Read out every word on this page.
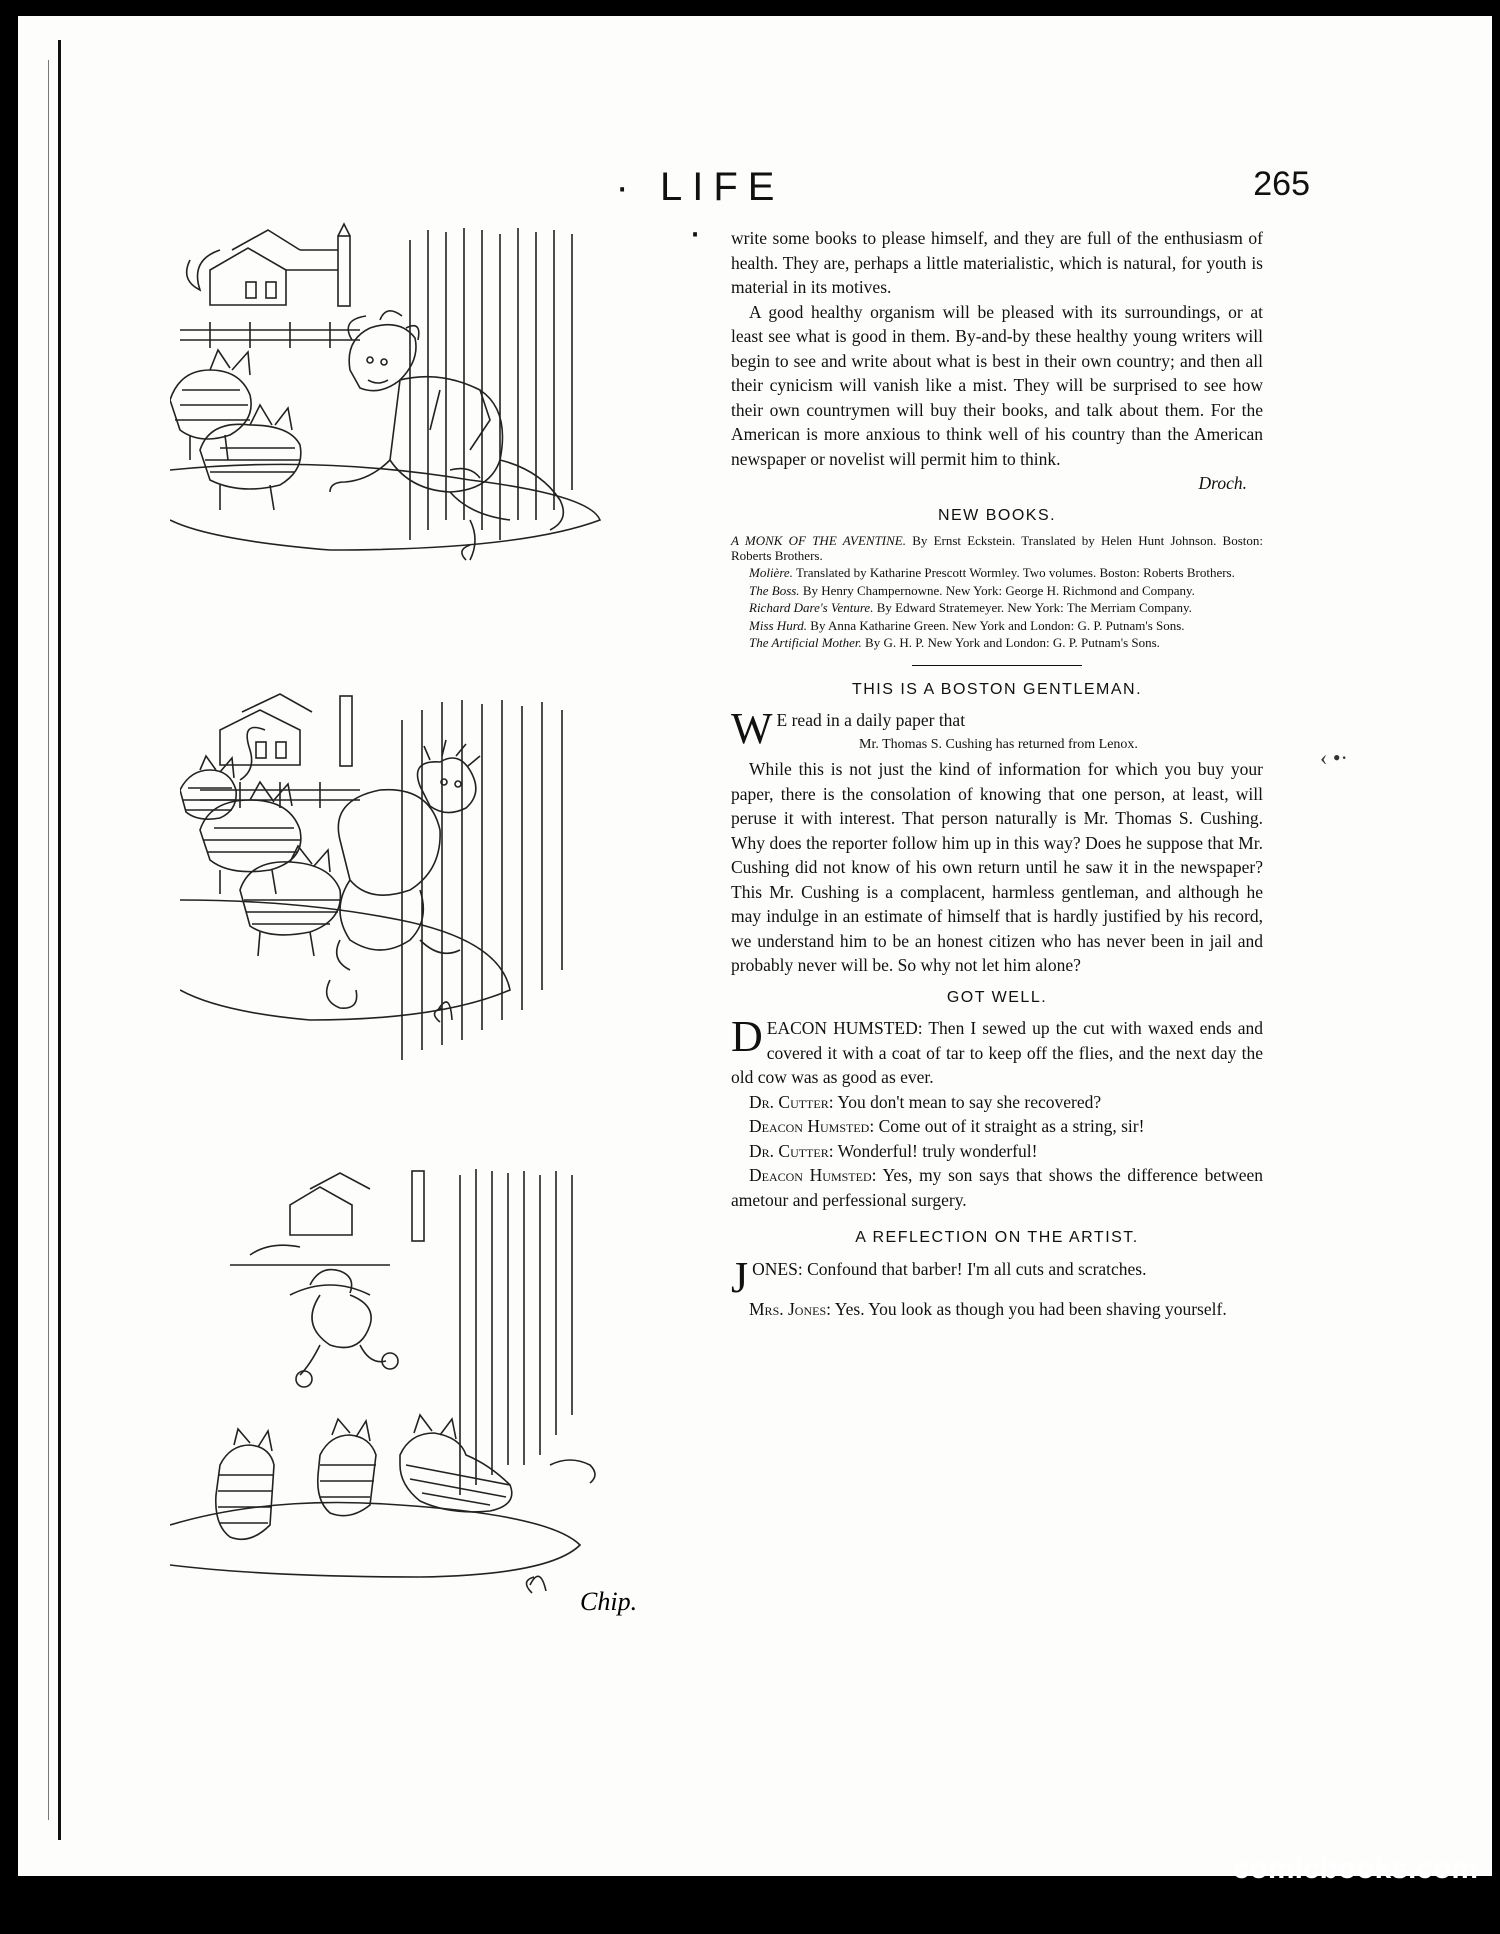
· LIFE ·
265
Chip.

write some books to please himself, and they are full of the enthusiasm of health. They are, perhaps a little materialistic, which is natural, for youth is material in its motives.

A good healthy organism will be pleased with its surroundings, or at least see what is good in them. By-and-by these healthy young writers will begin to see and write about what is best in their own country; and then all their cynicism will vanish like a mist. They will be surprised to see how their own countrymen will buy their books, and talk about them. For the American is more anxious to think well of his country than the American newspaper or novelist will permit him to think.

Droch.
NEW BOOKS.

A MONK OF THE AVENTINE. By Ernst Eckstein. Translated by Helen Hunt Johnson. Boston: Roberts Brothers.

Molière. Translated by Katharine Prescott Wormley. Two volumes. Boston: Roberts Brothers.

The Boss. By Henry Champernowne. New York: George H. Richmond and Company.

Richard Dare's Venture. By Edward Stratemeyer. New York: The Merriam Company.

Miss Hurd. By Anna Katharine Green. New York and London: G. P. Putnam's Sons.

The Artificial Mother. By G. H. P. New York and London: G. P. Putnam's Sons.

THIS IS A BOSTON GENTLEMAN.

W E read in a daily paper that

Mr. Thomas S. Cushing has returned from Lenox.

While this is not just the kind of information for which you buy your paper, there is the consolation of knowing that one person, at least, will peruse it with interest. That person naturally is Mr. Thomas S. Cushing. Why does the reporter follow him up in this way? Does he suppose that Mr. Cushing did not know of his own return until he saw it in the newspaper? This Mr. Cushing is a complacent, harmless gentleman, and although he may indulge in an estimate of himself that is hardly justified by his record, we understand him to be an honest citizen who has never been in jail and probably never will be. So why not let him alone?

GOT WELL.

D EACON HUMSTED: Then I sewed up the cut with waxed ends and covered it with a coat of tar to keep off the flies, and the next day the old cow was as good as ever.

Dr. Cutter: You don't mean to say she recovered?

Deacon Humsted: Come out of it straight as a string, sir!

Dr. Cutter: Wonderful! truly wonderful!

Deacon Humsted: Yes, my son says that shows the difference between ametour and perfessional surgery.

A REFLECTION ON THE ARTIST.

J ONES: Confound that barber! I'm all cuts and scratches.

Mrs. Jones: Yes. You look as though you had been shaving yourself.

‹ •·
comicbooks.com
